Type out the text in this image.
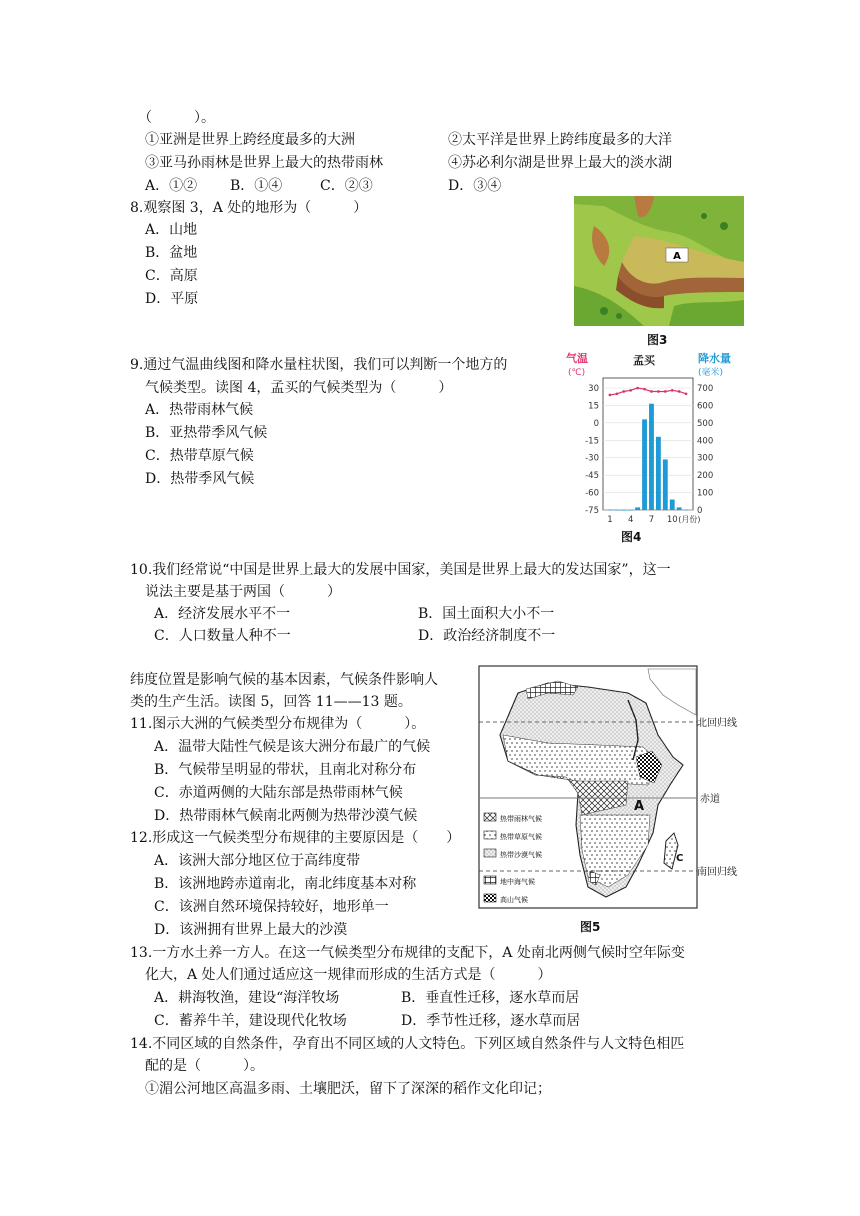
（　　　）。
①亚洲是世界上跨经度最多的大洲	②太平洋是世界上跨纬度最多的大洋
③亚马孙雨林是世界上最大的热带雨林	④苏必利尔湖是世界上最大的淡水湖
A．①② B．①④	C．②③	D．③④
8.观察图 3，A 处的地形为（　　　）
A．山地
B．盆地
C．高原
D．平原
A
图3
9.通过气温曲线图和降水量柱状图，我们可以判断一个地方的
气候类型。读图 4，孟买的气候类型为（　　　）
A．热带雨林气候
B．亚热带季风气候
C．热带草原气候
D．热带季风气候
气温
(℃)
孟买	降水量
(毫米)
30	700
15	600
0	500
-15	400
-30	300
-45	200
-60	100
-75	0
1 4 7 10 (月份)
图4
10.我们经常说“中国是世界上最大的发展中国家，美国是世界上最大的发达国家”，这一
说法主要是基于两国（　　　）
A．经济发展水平不一	B．国土面积大小不一
C．人口数量人种不一	D．政治经济制度不一
纬度位置是影响气候的基本因素，气候条件影响人
类的生产生活。读图 5，回答 11——13 题。
11.图示大洲的气候类型分布规律为（　　　）。
A．温带大陆性气候是该大洲分布最广的气候
B．气候带呈明显的带状，且南北对称分布
C．赤道两侧的大陆东部是热带雨林气候
D．热带雨林气候南北两侧为热带沙漠气候
12.形成这一气候类型分布规律的主要原因是（　　）
A．该洲大部分地区位于高纬度带
B．该洲地跨赤道南北，南北纬度基本对称
C．该洲自然环境保持较好，地形单一
D．该洲拥有世界上最大的沙漠
北回归线
赤道
南回归线
A
C
热带雨林气候
热带草原气候
热带沙漠气候
地中海气候
高山气候
图5
13.一方水土养一方人。在这一气候类型分布规律的支配下，A 处南北两侧气候时空年际变
化大，A 处人们通过适应这一规律而形成的生活方式是（　　　）
A．耕海牧渔，建设“海洋牧场	B．垂直性迁移，逐水草而居
C．蓄养牛羊，建设现代化牧场	D．季节性迁移，逐水草而居
14.不同区域的自然条件，孕育出不同区域的人文特色。下列区域自然条件与人文特色相匹
配的是（　　　）。
①湄公河地区高温多雨、土壤肥沃，留下了深深的稻作文化印记；
